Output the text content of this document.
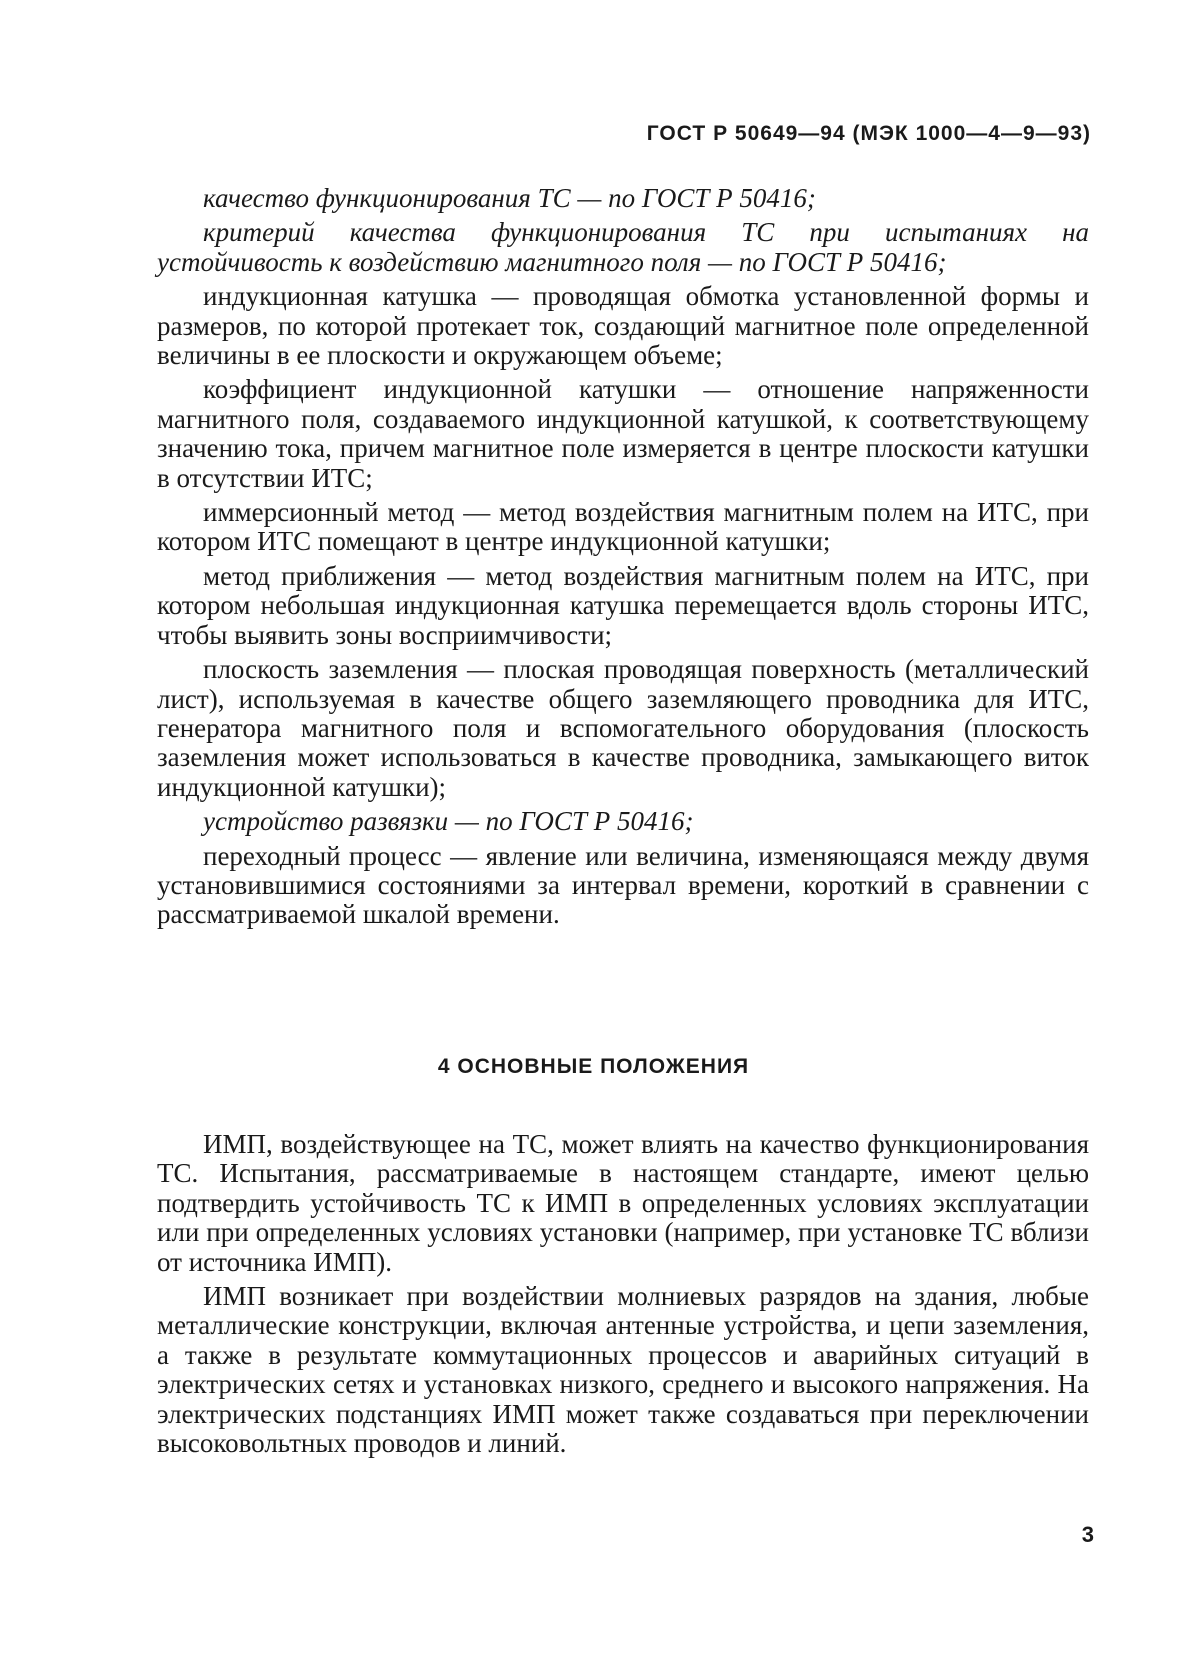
ГОСТ Р 50649—94 (МЭК 1000—4—9—93)

качество функционирования ТС — по ГОСТ Р 50416;

критерий качества функционирования ТС при испытаниях на устойчивость к воздействию магнитного поля — по ГОСТ Р 50416;

индукционная катушка — проводящая обмотка установленной формы и размеров, по которой протекает ток, создающий магнитное поле определенной величины в ее плоскости и окружающем объеме;

коэффициент индукционной катушки — отношение напряженности магнитного поля, создаваемого индукционной катушкой, к соответствующему значению тока, причем магнитное поле измеряется в центре плоскости катушки в отсутствии ИТС;

иммерсионный метод — метод воздействия магнитным полем на ИТС, при котором ИТС помещают в центре индукционной катушки;

метод приближения — метод воздействия магнитным полем на ИТС, при котором небольшая индукционная катушка перемещается вдоль стороны ИТС, чтобы выявить зоны восприимчивости;

плоскость заземления — плоская проводящая поверхность (металлический лист), используемая в качестве общего заземляющего проводника для ИТС, генератора магнитного поля и вспомогательного оборудования (плоскость заземления может использоваться в качестве проводника, замыкающего виток индукционной катушки);

устройство развязки — по ГОСТ Р 50416;

переходный процесс — явление или величина, изменяющаяся между двумя установившимися состояниями за интервал времени, короткий в сравнении с рассматриваемой шкалой времени.

4 ОСНОВНЫЕ ПОЛОЖЕНИЯ

ИМП, воздействующее на ТС, может влиять на качество функционирования ТС. Испытания, рассматриваемые в настоящем стандарте, имеют целью подтвердить устойчивость ТС к ИМП в определенных условиях эксплуатации или при определенных условиях установки (например, при установке ТС вблизи от источника ИМП).

ИМП возникает при воздействии молниевых разрядов на здания, любые металлические конструкции, включая антенные устройства, и цепи заземления, а также в результате коммутационных процессов и аварийных ситуаций в электрических сетях и установках низкого, среднего и высокого напряжения. На электрических подстанциях ИМП может также создаваться при переключении высоковольтных проводов и линий.

3
